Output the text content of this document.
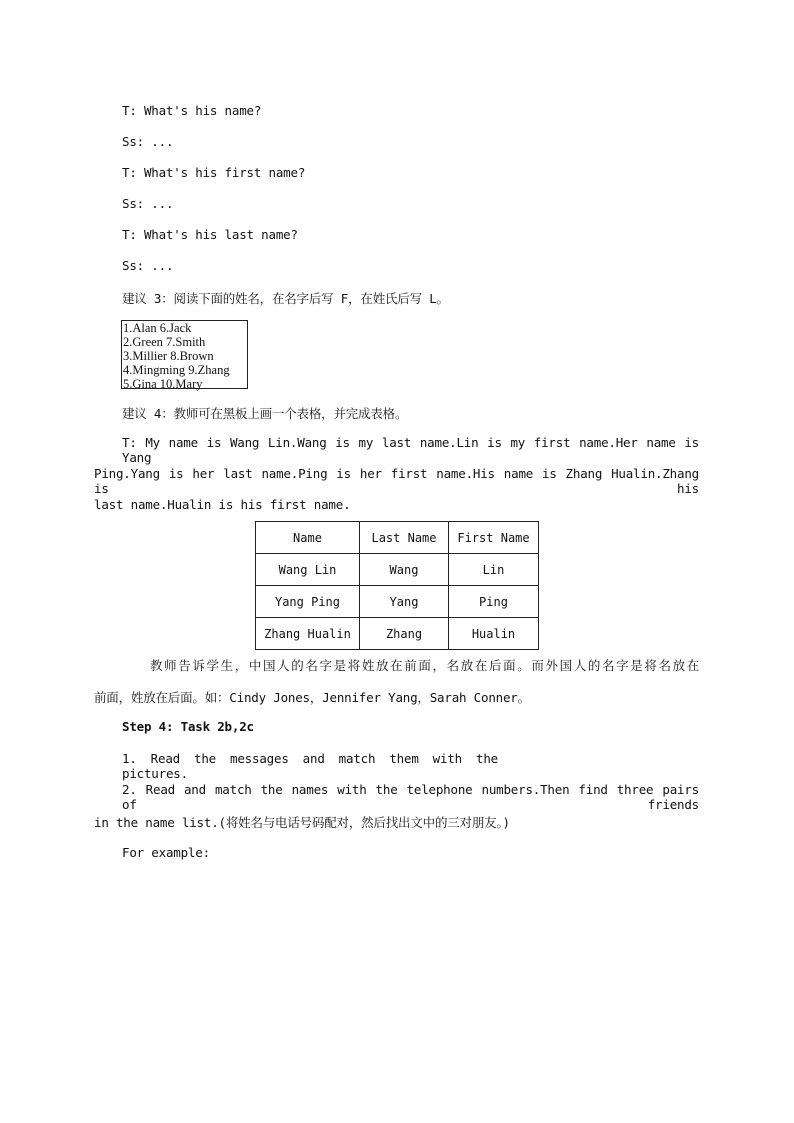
T: What's his name?
Ss: ...
T: What's his first name?
Ss: ...
T: What's his last name?
Ss: ...
建议 3：阅读下面的姓名，在名字后写 F，在姓氏后写 L。
1.Alan 6.Jack
2.Green 7.Smith
3.Millier 8.Brown
4.Mingming 9.Zhang
5.Gina 10.Mary
建议 4：教师可在黑板上画一个表格，并完成表格。
T: My name is Wang Lin.Wang is my last name.Lin is my first name.Her name is Yang
Ping.Yang is her last name.Ping is her first name.His name is Zhang Hualin.Zhang is his
last name.Hualin is his first name.
Name	Last Name	First Name
Wang Lin	Wang	Lin
Yang Ping	Yang	Ping
Zhang Hualin	Zhang	Hualin
教师告诉学生，中国人的名字是将姓放在前面，名放在后面。而外国人的名字是将名放在
前面，姓放在后面。如：Cindy Jones，Jennifer Yang，Sarah Conner。
Step 4: Task 2b,2c
1. Read the messages and match them with the pictures.
2. Read and match the names with the telephone numbers.Then find three pairs of friends
in the name list.(将姓名与电话号码配对，然后找出文中的三对朋友。)
For example:
